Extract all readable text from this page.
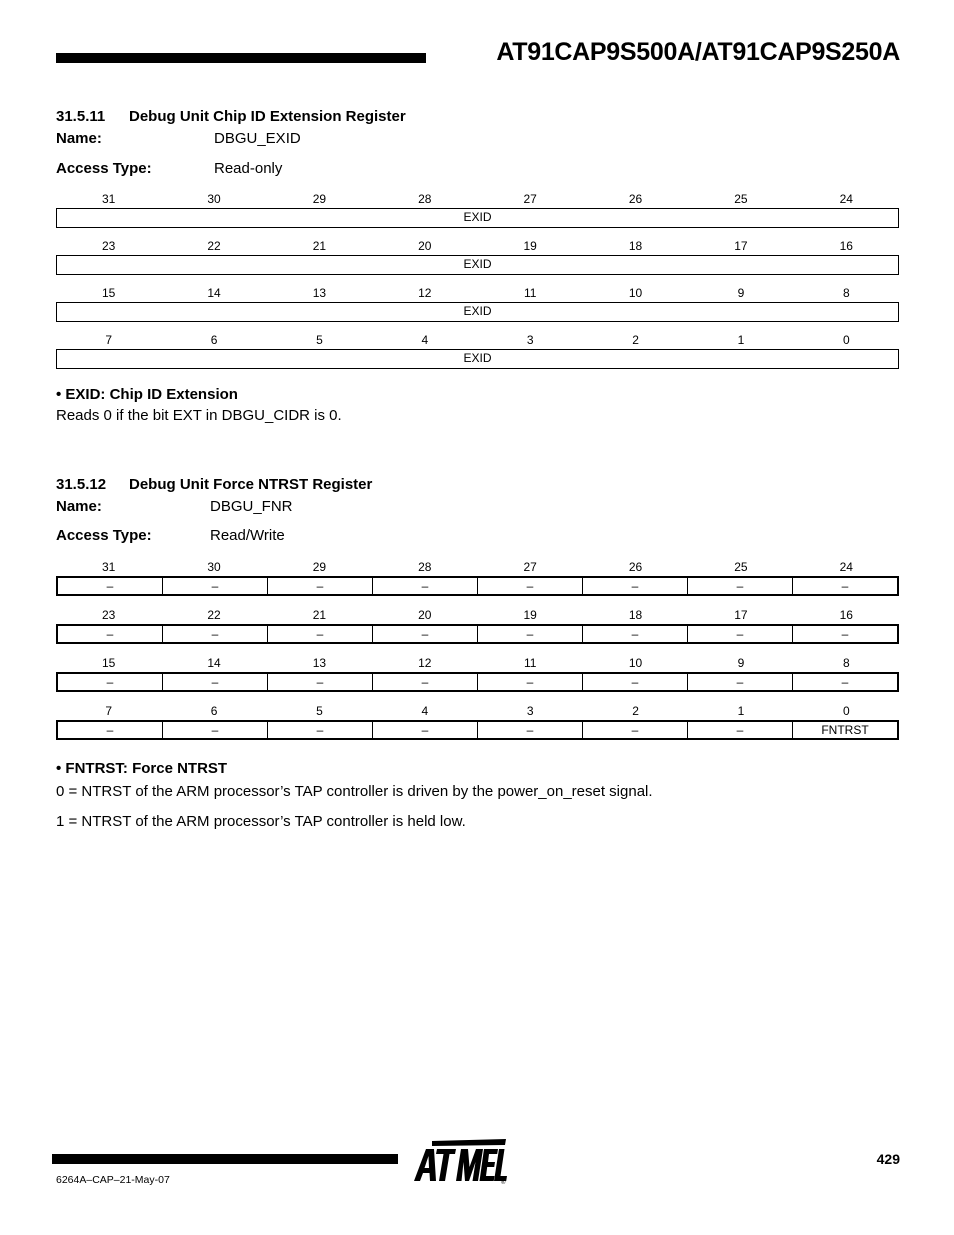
AT91CAP9S500A/AT91CAP9S250A
31.5.11 Debug Unit Chip ID Extension Register
Name:	DBGU_EXID
Access Type:	Read-only
31	30	29	28	27	26	25	24
EXID
23	22	21	20	19	18	17	16
EXID
15	14	13	12	11	10	9	8
EXID
7	6	5	4	3	2	1	0
EXID
• EXID: Chip ID Extension
Reads 0 if the bit EXT in DBGU_CIDR is 0.
31.5.12 Debug Unit Force NTRST Register
Name:	DBGU_FNR
Access Type:	Read/Write
31	30	29	28	27	26	25	24
–	–	–	–	–	–	–	–
23	22	21	20	19	18	17	16
–	–	–	–	–	–	–	–
15	14	13	12	11	10	9	8
–	–	–	–	–	–	–	–
7	6	5	4	3	2	1	0
–	–	–	–	–	–	–	FNTRST
• FNTRST: Force NTRST
0 = NTRST of the ARM processor’s TAP controller is driven by the power_on_reset signal.
1 = NTRST of the ARM processor’s TAP controller is held low.
6264A–CAP–21-May-07
429
®
